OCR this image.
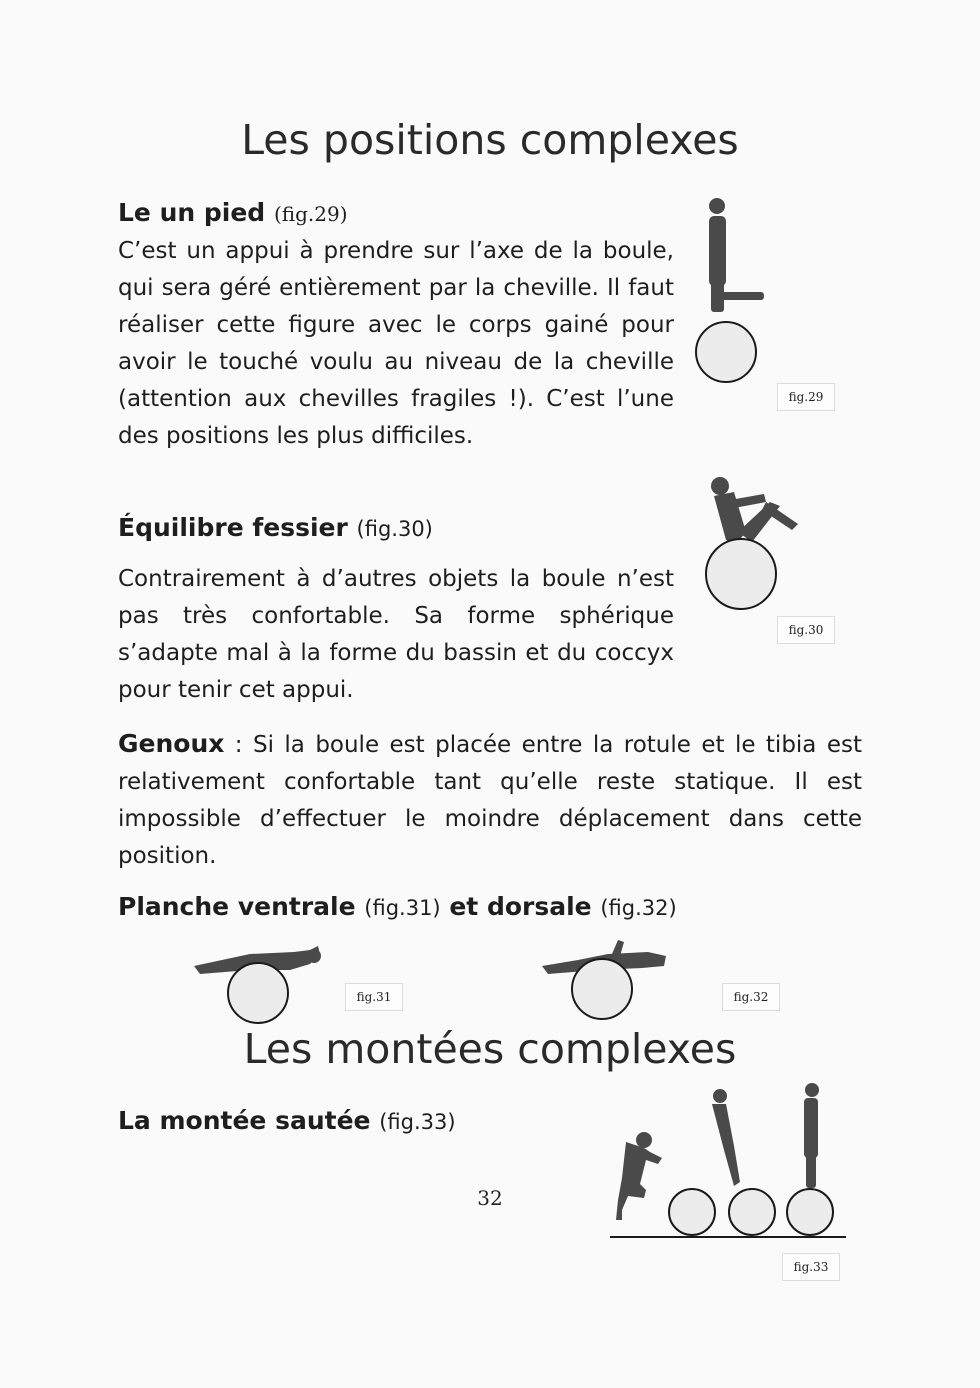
Les positions complexes
Le un pied (fig.29)

C’est un appui à prendre sur l’axe de la boule, qui sera géré entièrement par la cheville. Il faut réaliser cette figure avec le corps gainé pour avoir le touché voulu au niveau de la cheville (attention aux chevilles fragiles !). C’est l’une des positions les plus difficiles.

fig.29
Équilibre fessier (fig.30)

Contrairement à d’autres objets la boule n’est pas très confortable. Sa forme sphérique s’adapte mal à la forme du bassin et du coccyx pour tenir cet appui.

fig.30

Genoux : Si la boule est placée entre la rotule et le tibia est relativement confortable tant qu’elle reste statique. Il est impossible d’effectuer le moindre déplacement dans cette position.

Planche ventrale (fig.31) et dorsale (fig.32)
fig.31	fig.32
Les montées complexes
La montée sautée (fig.33)
fig.33
32
